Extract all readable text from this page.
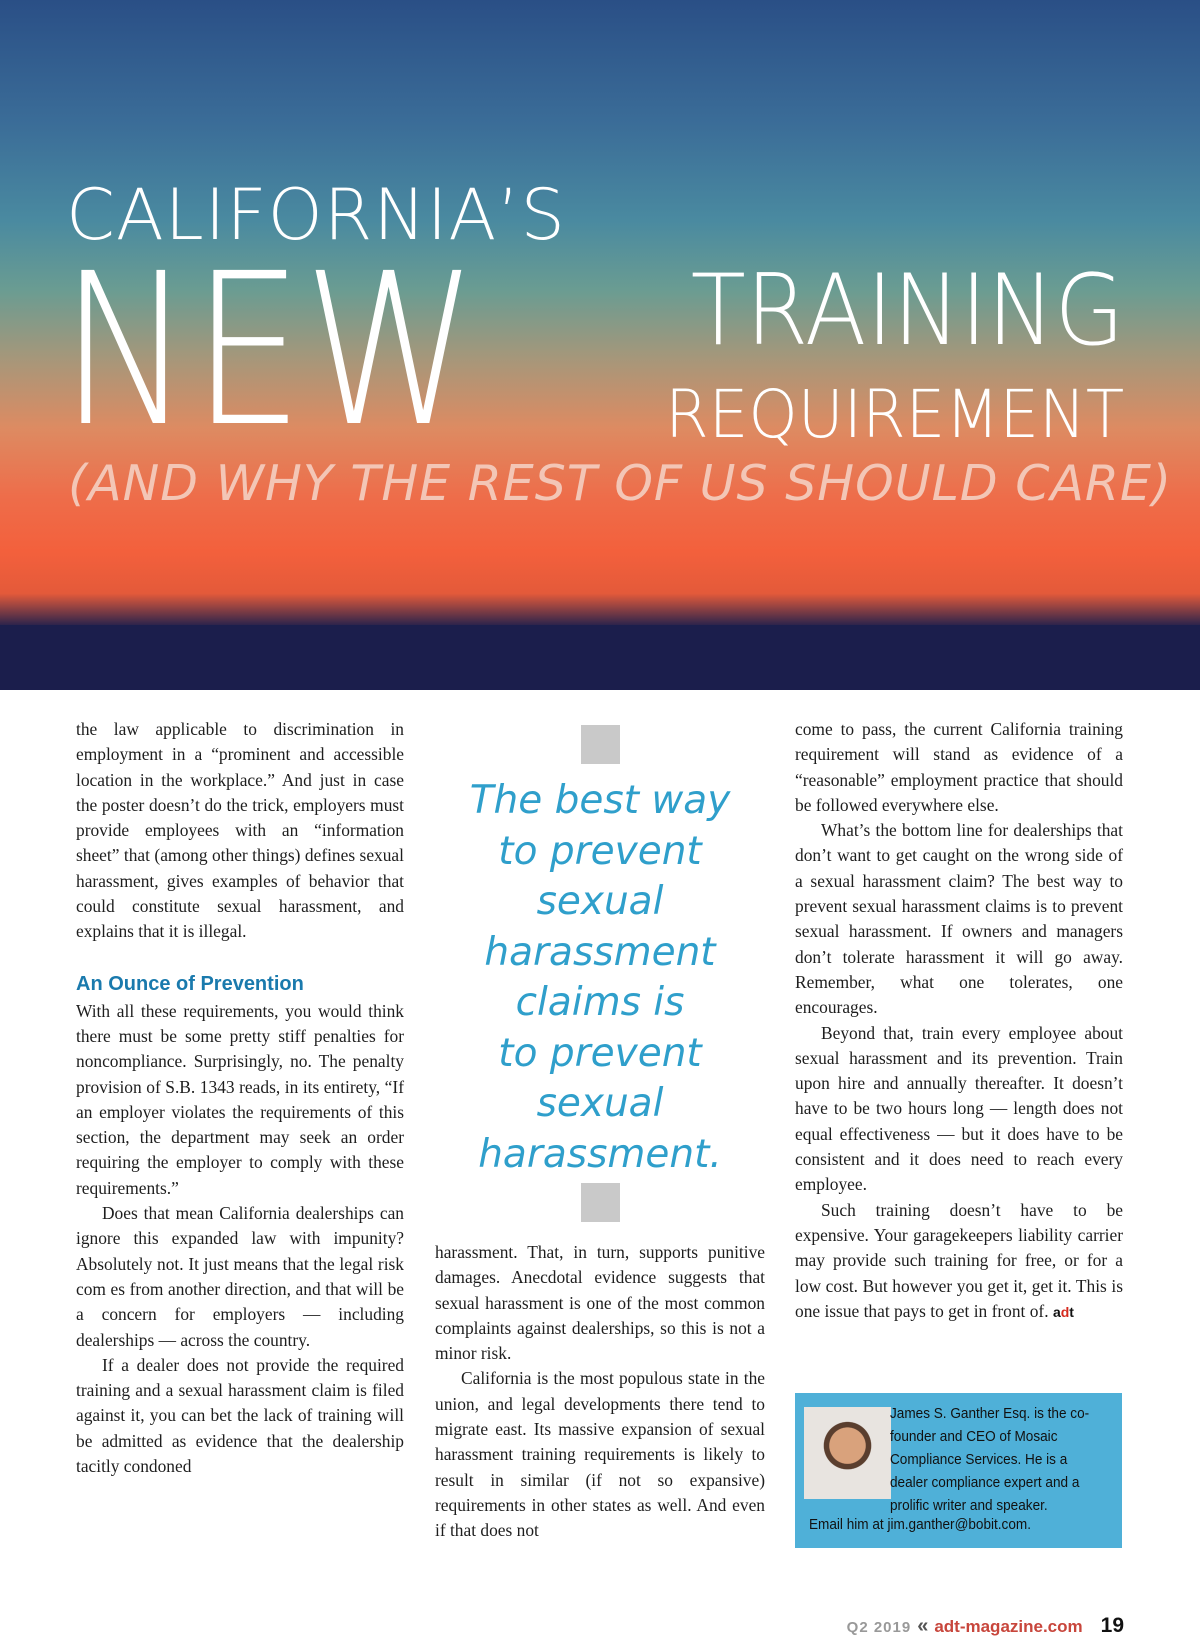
CALIFORNIA’S
NEW TRAINING
REQUIREMENT
(AND WHY THE REST OF US SHOULD CARE)

the law applicable to discrimination in employment in a “prominent and accessible location in the workplace.” And just in case the poster doesn’t do the trick, employers must provide employees with an “information sheet” that (among other things) defines sexual harassment, gives examples of behavior that could constitute sexual harassment, and explains that it is illegal.

An Ounce of Prevention

With all these requirements, you would think there must be some pretty stiff penalties for noncompliance. Surprisingly, no. The penalty provision of S.B. 1343 reads, in its entirety, “If an employer violates the requirements of this section, the department may seek an order requiring the employer to comply with these requirements.”

Does that mean California dealerships can ignore this expanded law with impunity? Absolutely not. It just means that the legal risk com es from another direction, and that will be a concern for employers — including dealerships — across the country.

If a dealer does not provide the required training and a sexual harassment claim is filed against it, you can bet the lack of training will be admitted as evidence that the dealership tacitly condoned

The best way
to prevent
sexual
harassment
claims is
to prevent
sexual
harassment.

harassment. That, in turn, supports punitive damages. Anecdotal evidence suggests that sexual harassment is one of the most common complaints against dealerships, so this is not a minor risk.

California is the most populous state in the union, and legal developments there tend to migrate east. Its massive expansion of sexual harassment training requirements is likely to result in similar (if not so expansive) requirements in other states as well. And even if that does not

come to pass, the current California training requirement will stand as evidence of a “reasonable” employment practice that should be followed everywhere else.

What’s the bottom line for dealerships that don’t want to get caught on the wrong side of a sexual harassment claim? The best way to prevent sexual harassment claims is to prevent sexual harassment. If owners and managers don’t tolerate harassment it will go away. Remember, what one tolerates, one encourages.

Beyond that, train every employee about sexual harassment and its prevention. Train upon hire and annually thereafter. It doesn’t have to be two hours long — length does not equal effectiveness — but it does have to be consistent and it does need to reach every employee.

Such training doesn’t have to be expensive. Your garagekeepers liability carrier may provide such training for free, or for a low cost. But however you get it, get it. This is one issue that pays to get in front of. adt

James S. Ganther Esq. is the co-founder and CEO of Mosaic Compliance Services. He is a dealer compliance expert and a prolific writer and speaker.
Email him at jim.ganther@bobit.com.
Q2 2019 « adt-magazine.com 19
